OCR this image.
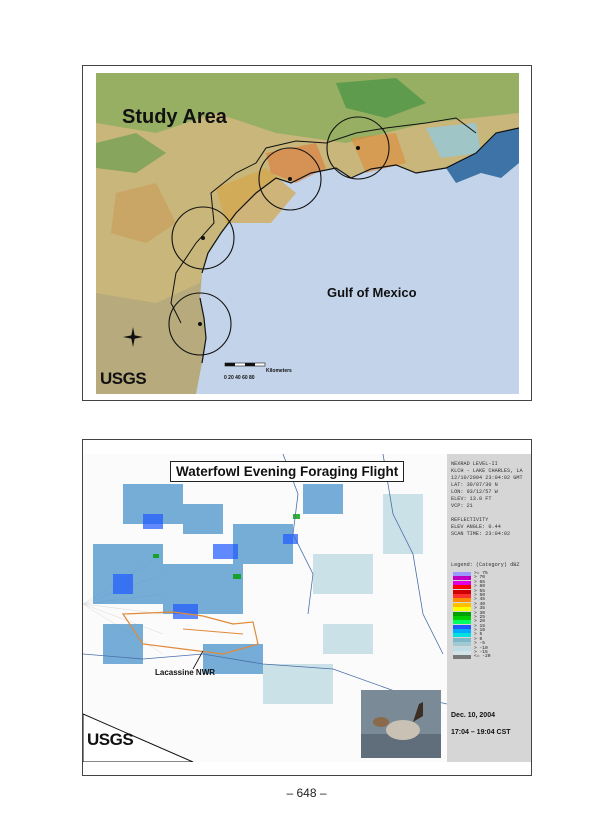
Study Area
Gulf of Mexico
USGS	Kilometers
0 20 40 60 80
Waterfowl Evening Foraging Flight
Lacassine NWR
USGS
NEXRAD LEVEL-II
KLCH - LAKE CHARLES, LA
12/10/2004 23:04:02 GMT
LAT: 30/07/30 N
LON: 93/12/57 W
ELEV: 13.0 FT
VCP: 21

REFLECTIVITY
ELEV ANGLE: 0.44
SCAN TIME: 23:04:02
Legend: (Category) dBZ
>= 75
> 70
> 65
> 60
> 55
> 50
> 45
> 40
> 35
> 30
> 25
> 20
> 15
> 10
> 5
> 0
> -5
> -10
> -15
<= -20
Dec. 10, 2004
17:04 – 19:04 CST
– 648 –
